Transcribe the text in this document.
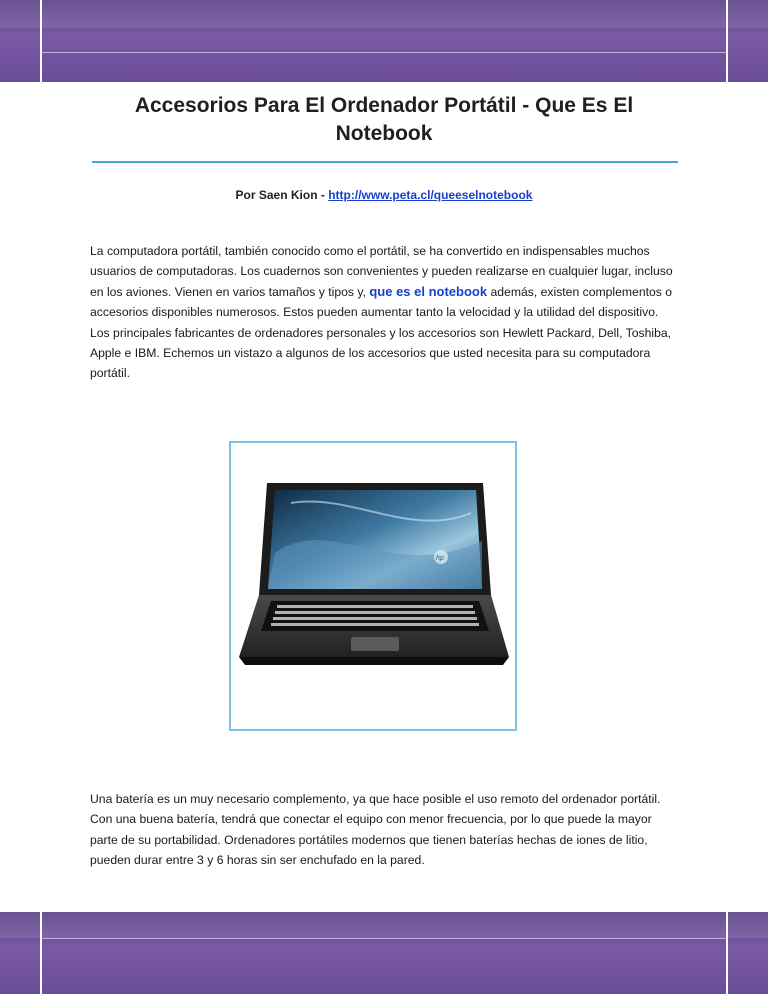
Accesorios Para El Ordenador Portátil - Que Es El Notebook
Por Saen Kion - http://www.peta.cl/queeselnotebook

La computadora portátil, también conocido como el portátil, se ha convertido en indispensables muchos usuarios de computadoras. Los cuadernos son convenientes y pueden realizarse en cualquier lugar, incluso en los aviones. Vienen en varios tamaños y tipos y, que es el notebook además, existen complementos o accesorios disponibles numerosos. Estos pueden aumentar tanto la velocidad y la utilidad del dispositivo. Los principales fabricantes de ordenadores personales y los accesorios son Hewlett Packard, Dell, Toshiba, Apple e IBM. Echemos un vistazo a algunos de los accesorios que usted necesita para su computadora portátil.

hp

Una batería es un muy necesario complemento, ya que hace posible el uso remoto del ordenador portátil. Con una buena batería, tendrá que conectar el equipo con menor frecuencia, por lo que puede la mayor parte de su portabilidad. Ordenadores portátiles modernos que tienen baterías hechas de iones de litio, pueden durar entre 3 y 6 horas sin ser enchufado en la pared.
